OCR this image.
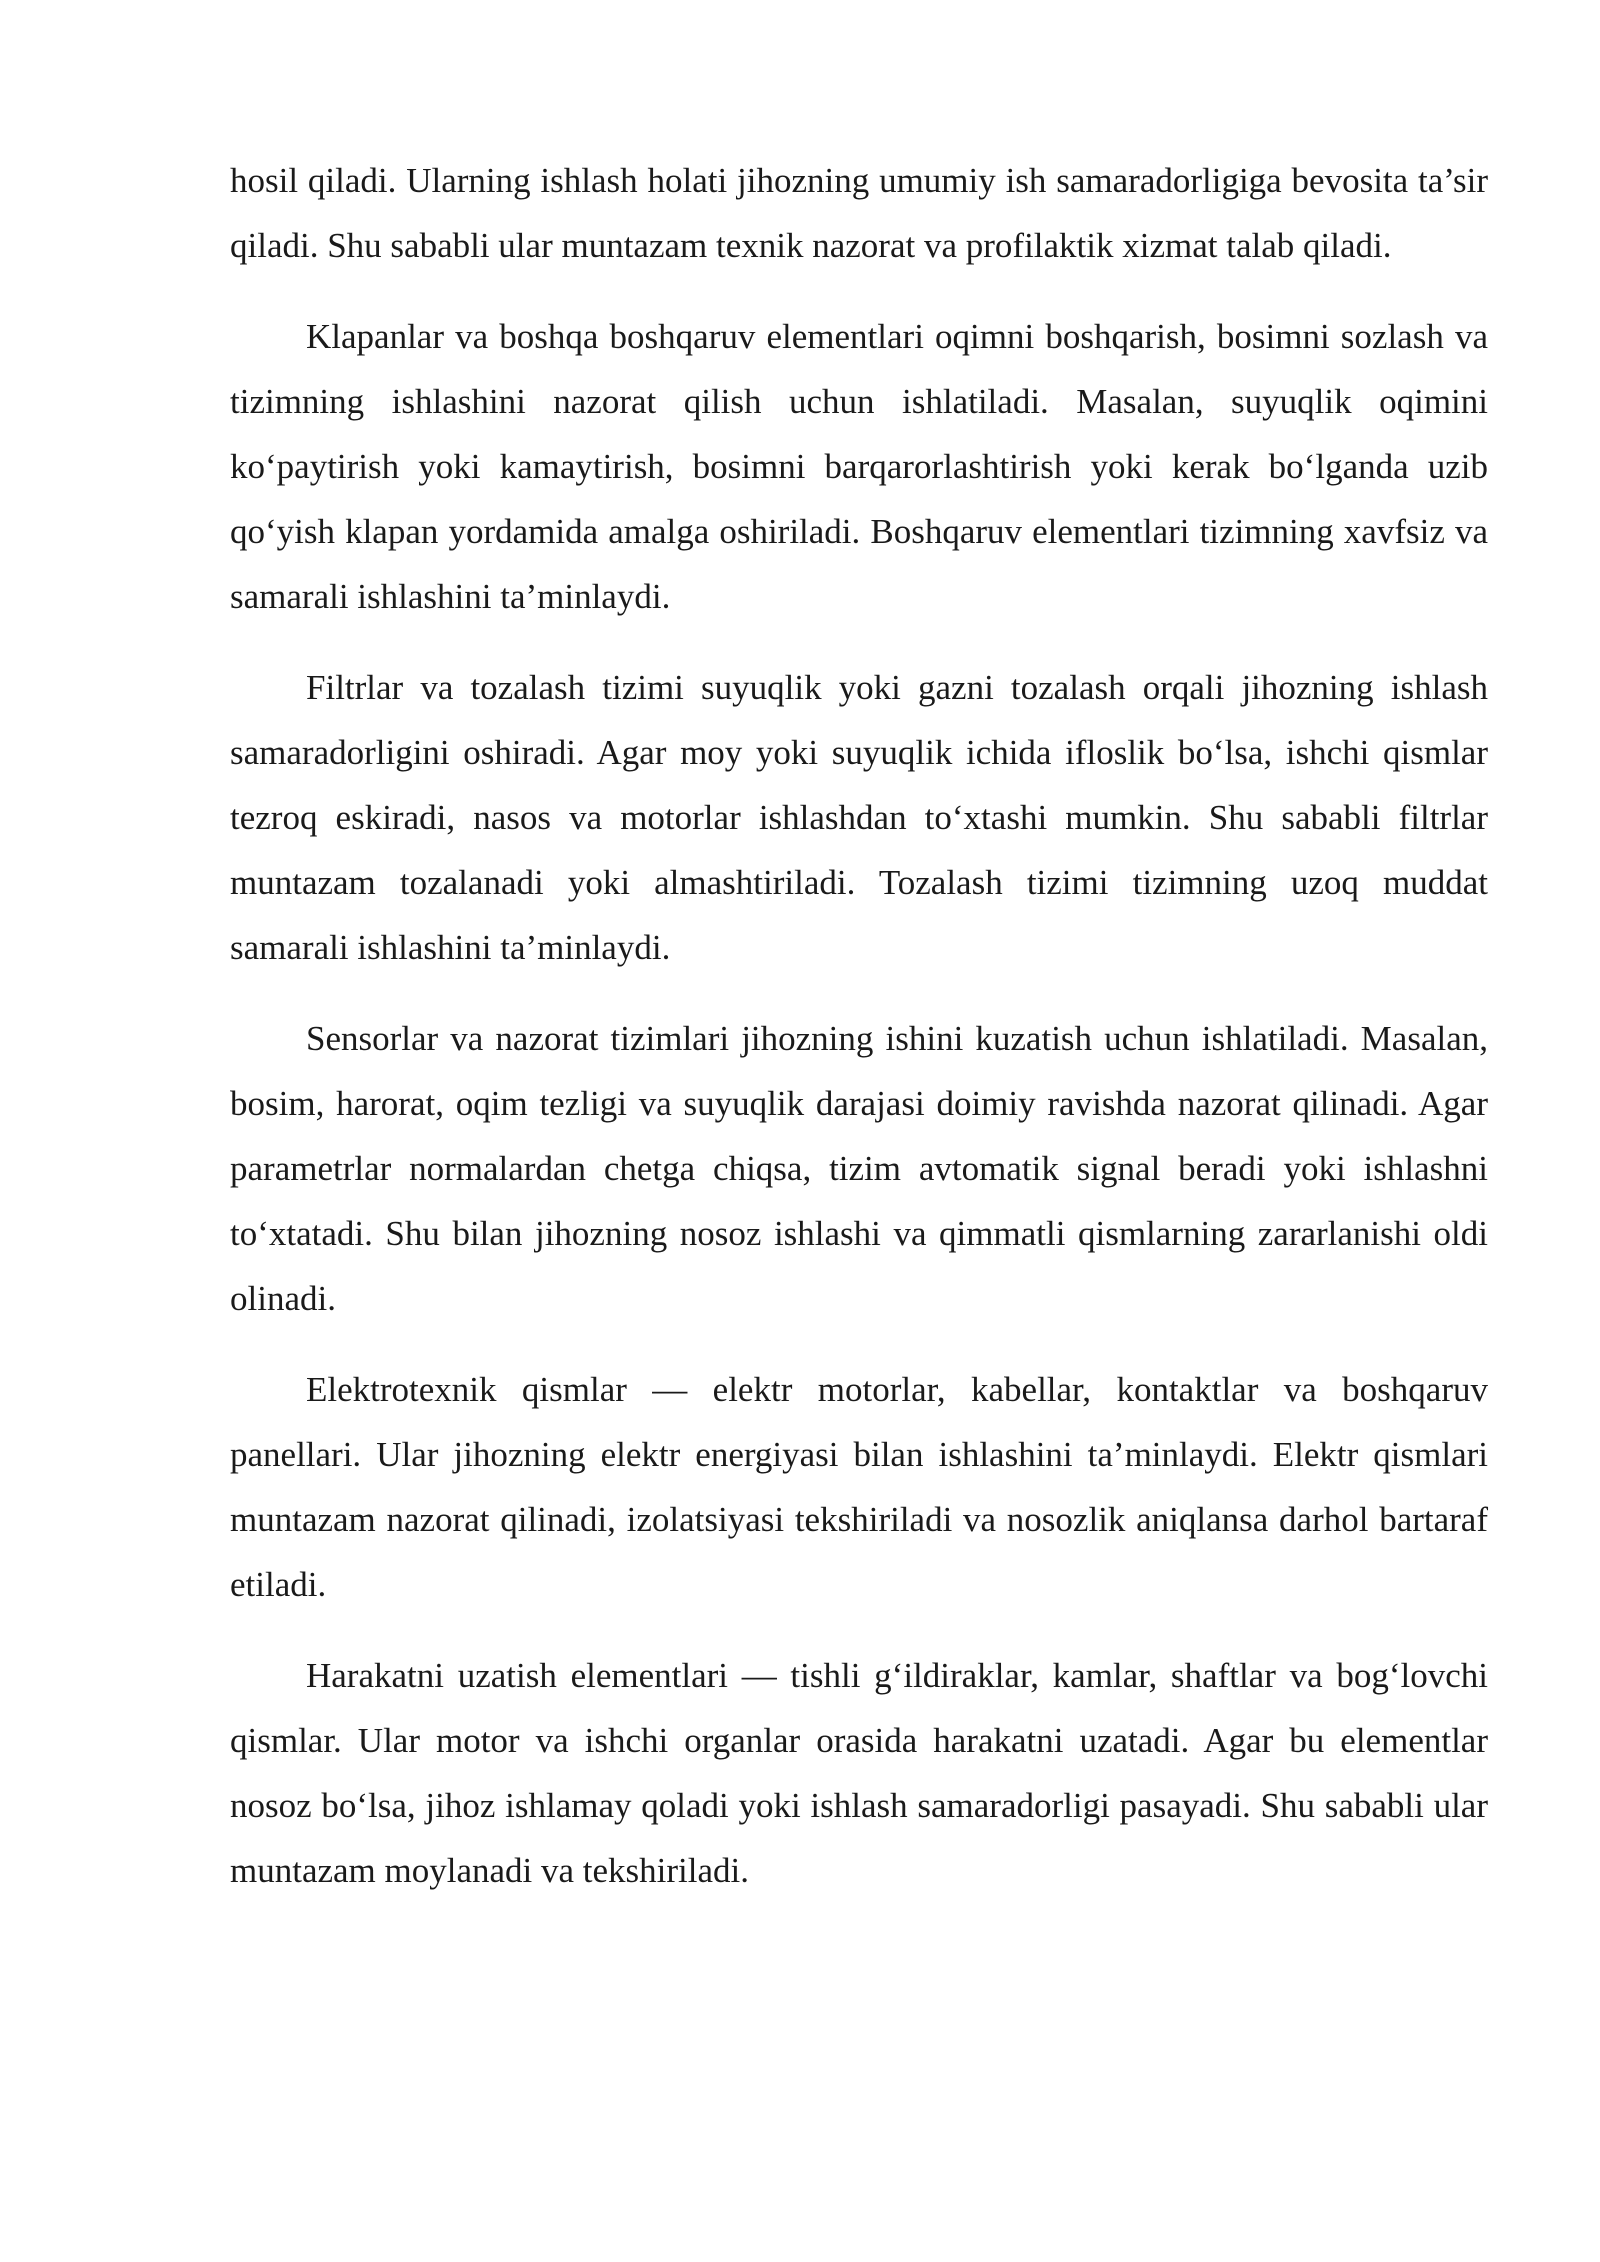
hosil qiladi. Ularning ishlash holati jihozning umumiy ish samaradorligiga bevosita ta’sir qiladi. Shu sababli ular muntazam texnik nazorat va profilaktik xizmat talab qiladi.

Klapanlar va boshqa boshqaruv elementlari oqimni boshqarish, bosimni sozlash va tizimning ishlashini nazorat qilish uchun ishlatiladi. Masalan, suyuqlik oqimini ko‘paytirish yoki kamaytirish, bosimni barqarorlashtirish yoki kerak bo‘lganda uzib qo‘yish klapan yordamida amalga oshiriladi. Boshqaruv elementlari tizimning xavfsiz va samarali ishlashini ta’minlaydi.

Filtrlar va tozalash tizimi suyuqlik yoki gazni tozalash orqali jihozning ishlash samaradorligini oshiradi. Agar moy yoki suyuqlik ichida ifloslik bo‘lsa, ishchi qismlar tezroq eskiradi, nasos va motorlar ishlashdan to‘xtashi mumkin. Shu sababli filtrlar muntazam tozalanadi yoki almashtiriladi. Tozalash tizimi tizimning uzoq muddat samarali ishlashini ta’minlaydi.

Sensorlar va nazorat tizimlari jihozning ishini kuzatish uchun ishlatiladi. Masalan, bosim, harorat, oqim tezligi va suyuqlik darajasi doimiy ravishda nazorat qilinadi. Agar parametrlar normalardan chetga chiqsa, tizim avtomatik signal beradi yoki ishlashni to‘xtatadi. Shu bilan jihozning nosoz ishlashi va qimmatli qismlarning zararlanishi oldi olinadi.

Elektrotexnik qismlar — elektr motorlar, kabellar, kontaktlar va boshqaruv panellari. Ular jihozning elektr energiyasi bilan ishlashini ta’minlaydi. Elektr qismlari muntazam nazorat qilinadi, izolatsiyasi tekshiriladi va nosozlik aniqlansa darhol bartaraf etiladi.

Harakatni uzatish elementlari — tishli g‘ildiraklar, kamlar, shaftlar va bog‘lovchi qismlar. Ular motor va ishchi organlar orasida harakatni uzatadi. Agar bu elementlar nosoz bo‘lsa, jihoz ishlamay qoladi yoki ishlash samaradorligi pasayadi. Shu sababli ular muntazam moylanadi va tekshiriladi.
